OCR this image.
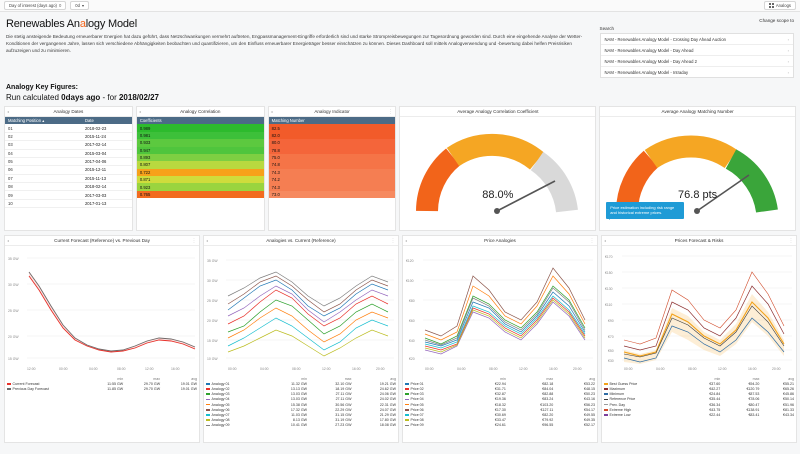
Day of interest (days ago) 0	0d ▾	Analogs
Renewables Analogy Model
Die stetig ansteigende Bedeutung erneuerbarer Energien hat dazu geführt, dass Netzschwankungen vermehrt auftreten, Engpassmanagement-Eingriffe erforderlich sind und starke Strompreisbewegungen zur Tagesordnung geworden sind. Durch eine eingehende Analyse der Wetter-Konditionen der vergangenen Jahre, lassen sich verschiedene Abhängigkeiten beobachten und quantifizieren, um den Einfluss erneuerbarer Energieträger besser einschätzen zu können. Dieses Dashboard soll mittels Analogverwendung und -bewertung dabei helfen Preisrisiken aufzuzeigen und zu minimieren.
Change scope to
Search
NAM - Renewables Analogy Model - Crossing Day Ahead Auction	›
NAM - Renewables Analogy Model - Day Ahead	›
NAM - Renewables Analogy Model - Day Ahead 2	›
NAM - Renewables Analogy Model - Intraday	›
Analogy Key Figures:
Run calculated 0days ago - for 2018/02/27
◂	Analogy Dates
Matching Position ▴	Date
01	2018-02-23
02	2015-11-24
03	2017-02-14
04	2015-03-04
05	2017-04-06
06	2015-12-11
07	2015-11-13
08	2018-02-14
09	2017-03-03
10	2017-01-13
◂	Analogy Correlation
Coefficients
0.989
0.981
0.933
0.947
0.893
0.807
0.722
0.871
0.923
0.765
◂	Analogy Indicator	⋮
Matching Number
82.5
82.0
80.0
78.8
75.0
74.8
74.3
74.2
74.3
73.0
Average Analogy Correlation Coefficient
88.0%
Average Analogy Matching Number
76.8 pts
Price estimation including risk range and historical extreme prices.
◂	Current Forecast (Reference) vs. Previous Day	⋮
35 GW
30 GW
25 GW
20 GW
15 GW
12:00	00:00	04:00	08:00	12:00	16:00
	min	max	avg
Current Forecast	11:55 GW	29.70 GW	19.01 GW
Previous Day Forecast	11.85 GW	29.70 GW	19.01 GW
◂	Analogies vs. Current (Reference)	⋮
35 GW
30 GW
25 GW
20 GW
15 GW
10 GW
00:00	04:00	08:00	12:00	16:00	20:00
	min	max	avg
Analogy 01	11.32 GW	32.10 GW	19.21 GW
Analogy 02	13.13 GW	18.19 GW	24.62 GW
Analogy 03	13.03 GW	27.11 GW	24.06 GW
Analogy 04	13.03 GW	27.11 GW	24.02 GW
Analogy 05	15.38 GW	30.56 GW	22.31 GW
Analogy 06	17.32 GW	22.29 GW	24.07 GW
Analogy 07	11.03 GW	31.15 GW	21.29 GW
Analogy 08	8.13 GW	31.19 GW	17.80 GW
Analogy 09	10.41 GW	27.23 GW	18.08 GW
◂	Price Analogies	⋮
€120
€100
€80
€60
€40
€20
00:00	04:00	08:00	12:00	16:00	20:00
	min	max	avg
Price 01	€22.94	€82.18	€53.22
Price 02	€31.71	€84.04	€48.15
Price 03	€32.87	€82.88	€50.23
Price 04	€19.36	€83.24	€43.16
Price 05	€18.32	€103.20	€56.23
Price 06	€17.30	€127.11	€54.17
Price 07	€30.69	€82.20	€49.55
Price 08	€33.47	€79.92	€49.35
Price 09	€24.61	€96.55	€52.17
◂	Prices Forecast & Risks	⋮
€170
€150
€130
€110
€90
€70
€50
€30
00:00	04:00	08:00	12:00	16:00	20:00
	min	max	avg
Best Guess Price	€37.60	€94.20	€55.21
Maximum	€42.27	€120.79	€65.26
Minimum	€24.84	€87.53	€45.86
Reference Price	€35.44	€78.06	€50.14
Prev. Day	€36.34	€80.47	€51.96
Extreme High	€43.75	€138.91	€81.33
Extreme Low	€22.44	€83.41	€43.34
